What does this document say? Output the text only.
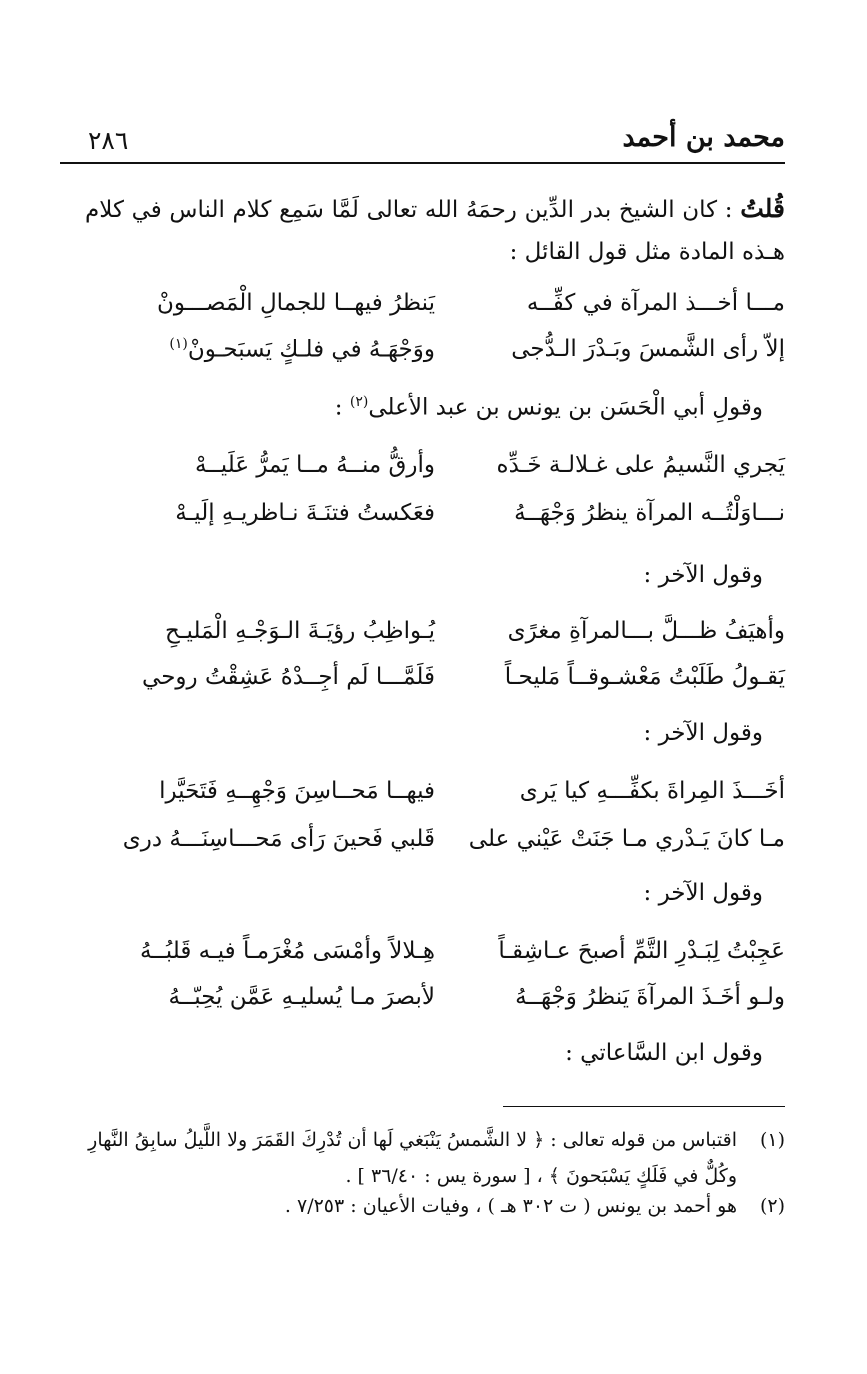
محمد بن أحمد
٢٨٦
قُلتُ : كان الشيخ بدر الدِّين رحمَهُ الله تعالى لَمَّا سَمِع كلام الناس في كلام هـذه المادة مثل قول القائل :
مـــا أخـــذ المرآة في كفِّــه
يَنظرُ فيهــا للجمالِ الْمَصـــونْ
إلاّ رأى الشَّمسَ وبَـدْرَ الـدُّجى
ووَجْهَـهُ في فلـكٍ يَسبَحـونْ$^{(١)}$
وقولِ أبي الْحَسَن بن يونس بن عبد الأعلى$^{(٢)}$ :
يَجري النَّسيمُ على غـلالـة خَـدِّه
وأرقُّ منــهُ مــا يَمرُّ عَلَيــهْ
نـــاوَلْتُــه المرآة ينظرُ وَجْهَــهُ
فعَكستُ فتنَـةَ نـاظريـهِ إلَيـهْ
وقول الآخر :
وأهيَفُ ظـــلَّ بـــالمرآةِ مغرًى
يُـواظِبُ رؤيَـةَ الـوَجْـهِ الْمَليـحِ
يَقـولُ طَلَبْتُ مَعْشـوقــاً مَليحـاً
فَلَمَّـــا لَم أجِــدْهُ عَشِقْتُ روحي
وقول الآخر :
أخَـــذَ المِراةَ بكفِّـــهِ كيا يَرى
فيهــا مَحــاسِنَ وَجْهِــهِ فَتَحَيَّرا
مـا كانَ يَـدْري مـا جَنَتْ عَيْني على
قَلبي فَحينَ رَأى مَحـــاسِنَـــهُ درى
وقول الآخر :
عَجِبْتُ لِبَـدْرِ التَّمِّ أصبحَ عـاشِقـاً
هِـلالاً وأمْسَى مُغْرَمـاً فيـه قَلبُــهُ
ولـو أخَـذَ المرآةَ يَنظرُ وَجْهَــهُ
لأبصرَ مـا يُسليـهِ عَمَّن يُحِبّــهُ
وقول ابن السَّاعاتي :
(١)
اقتباس من قوله تعالى : ﴿ لا الشَّمسُ يَنْبَغي لَها أن تُدْرِكَ القَمَرَ ولا اللَّيلُ سابِقُ النَّهارِ وكُلٌّ في فَلَكٍ يَسْبَحونَ ﴾ ، [ سورة يس : ٣٦/٤٠ ] .
(٢)
هو أحمد بن يونس ( ت ٣٠٢ هـ ) ، وفيات الأعيان : ٧/٢٥٣ .
